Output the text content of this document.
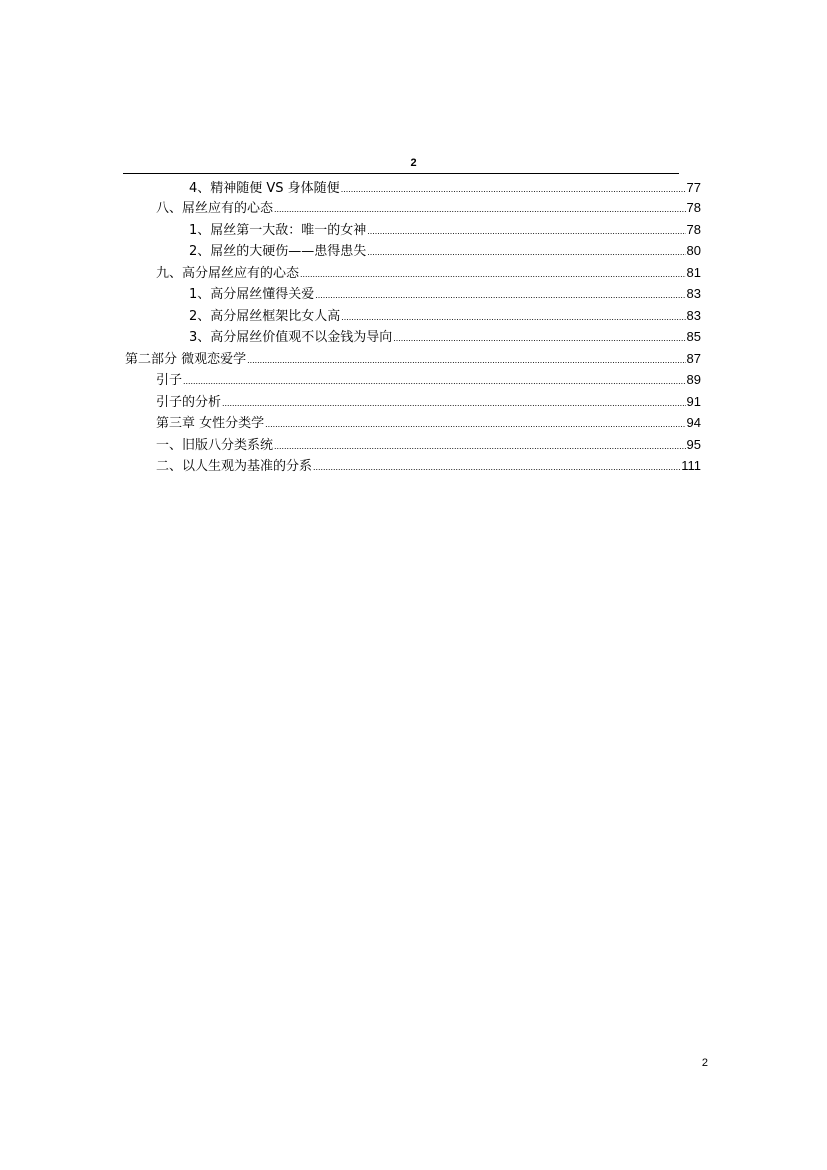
2
4、精神随便 VS 身体随便 .....	77
八、屌丝应有的心态 .....	78
1、屌丝第一大敌：唯一的女神 .....	78
2、屌丝的大硬伤——患得患失 .....	80
九、高分屌丝应有的心态 .....	81
1、高分屌丝懂得关爱 .....	83
2、高分屌丝框架比女人高 .....	83
3、高分屌丝价值观不以金钱为导向 .....	85
第二部分 微观恋爱学 .....	87
引子 .....	89
引子的分析 .....	91
第三章 女性分类学 .....	94
一、旧版八分类系统 .....	95
二、以人生观为基准的分系 .....	111
2
